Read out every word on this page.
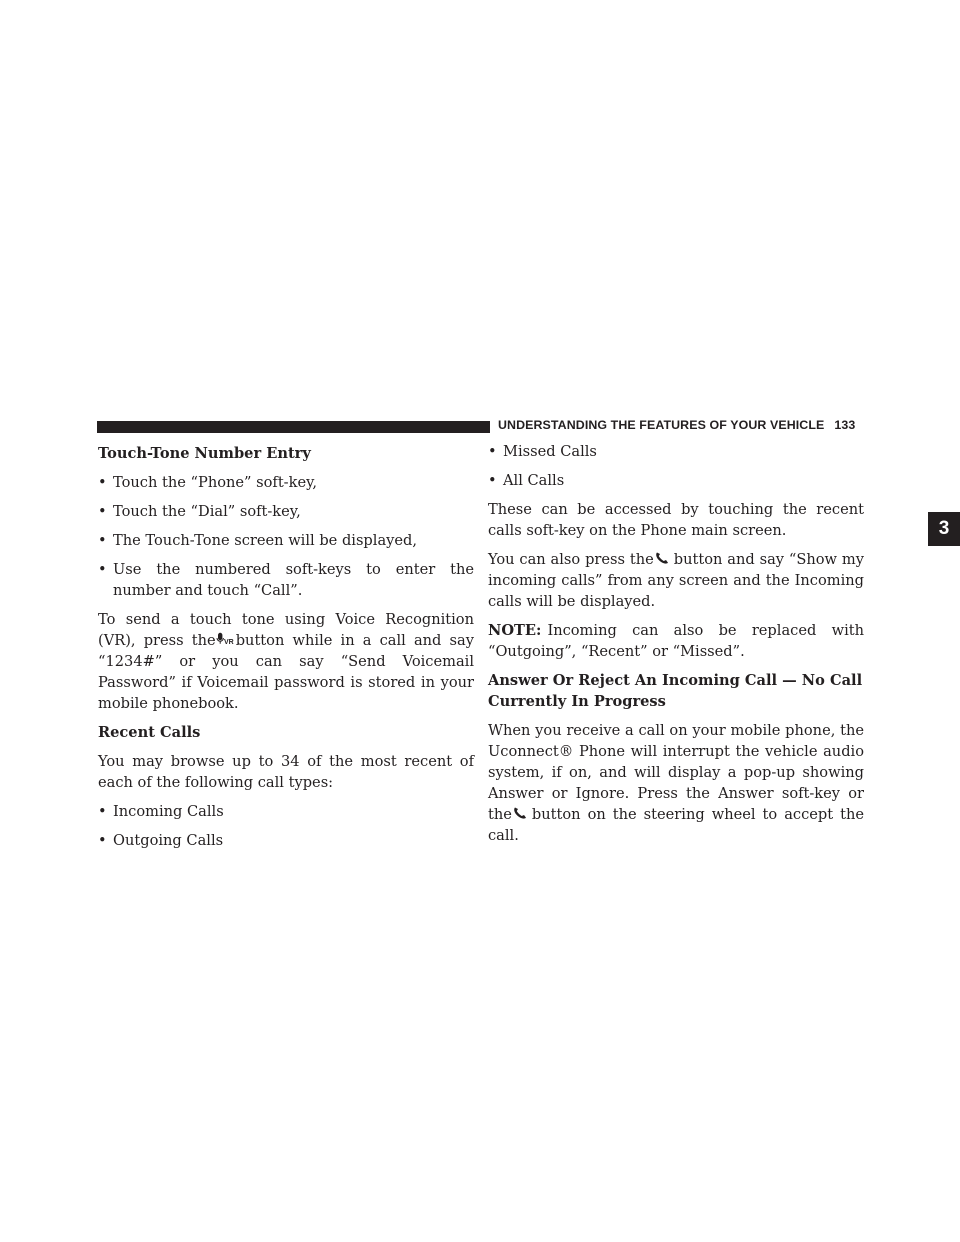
UNDERSTANDING THE FEATURES OF YOUR VEHICLE 133
3

Touch-Tone Number Entry

• Touch the “Phone” soft-key,
• Touch the “Dial” soft-key,
• The Touch-Tone screen will be displayed,
• Use the numbered soft-keys to enter the number and touch “Call”.

To send a touch tone using Voice Recognition (VR), press the VR button while in a call and say “1234#” or you can say “Send Voicemail Password” if Voicemail password is stored in your mobile phonebook.

Recent Calls

You may browse up to 34 of the most recent of each of the following call types:

• Incoming Calls
• Outgoing Calls
• Missed Calls
• All Calls

These can be accessed by touching the recent calls soft-key on the Phone main screen.

You can also press the button and say “Show my incoming calls” from any screen and the Incoming calls will be displayed.

NOTE: Incoming can also be replaced with “Outgoing”, “Recent” or “Missed”.

Answer Or Reject An Incoming Call — No Call Currently In Progress

When you receive a call on your mobile phone, the Uconnect® Phone will interrupt the vehicle audio system, if on, and will display a pop-up showing Answer or Ignore. Press the Answer soft-key or the button on the steering wheel to accept the call.
